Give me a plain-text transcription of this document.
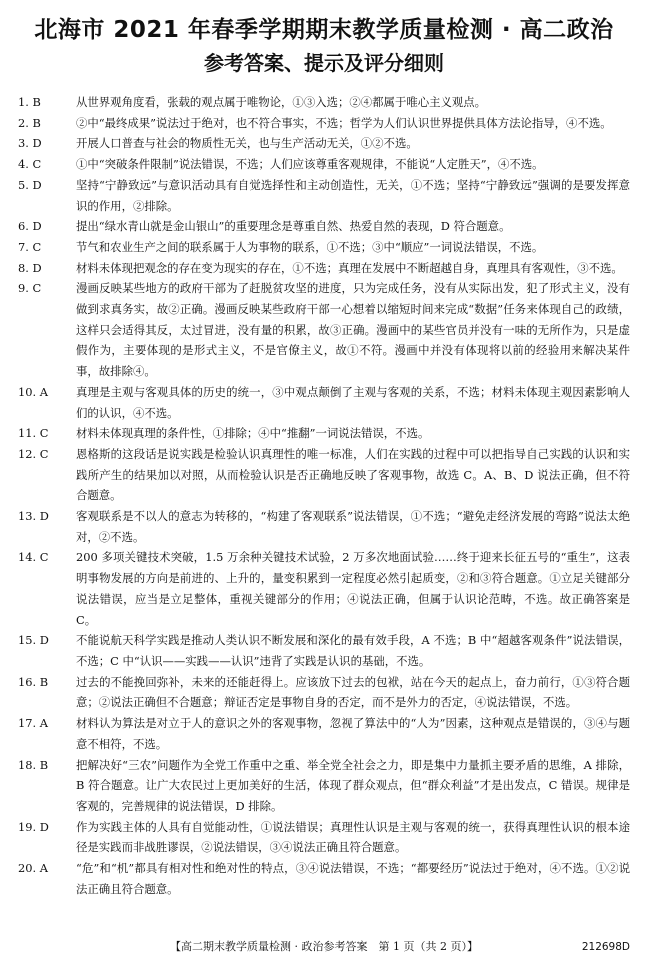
北海市 2021 年春季学期期末教学质量检测 · 高二政治
参考答案、提示及评分细则
1. B	从世界观角度看，张载的观点属于唯物论，①③入选；②④都属于唯心主义观点。
2. B	②中“最终成果”说法过于绝对，也不符合事实，不选；哲学为人们认识世界提供具体方法论指导，④不选。
3. D	开展人口普查与社会的物质性无关，也与生产活动无关，①②不选。
4. C	①中“突破条件限制”说法错误，不选；人们应该尊重客观规律，不能说“人定胜天”，④不选。
5. D	坚持“宁静致远”与意识活动具有自觉选择性和主动创造性，无关，①不选；坚持“宁静致远”强调的是要发挥意识的作用，②排除。
6. D	提出“绿水青山就是金山银山”的重要理念是尊重自然、热爱自然的表现，D 符合题意。
7. C	节气和农业生产之间的联系属于人为事物的联系，①不选；③中“顺应”一词说法错误，不选。
8. D	材料未体现把观念的存在变为现实的存在，①不选；真理在发展中不断超越自身，真理具有客观性，③不选。
9. C	漫画反映某些地方的政府干部为了赶脱贫攻坚的进度，只为完成任务，没有从实际出发，犯了形式主义，没有做到求真务实，故②正确。漫画反映某些政府干部一心想着以缩短时间来完成“数据”任务来体现自己的政绩，这样只会适得其反，太过冒进，没有量的积累，故③正确。漫画中的某些官员并没有一味的无所作为，只是虚假作为，主要体现的是形式主义，不是官僚主义，故①不符。漫画中并没有体现将以前的经验用来解决某件事，故排除④。
10. A	真理是主观与客观具体的历史的统一，③中观点颠倒了主观与客观的关系，不选；材料未体现主观因素影响人们的认识，④不选。
11. C	材料未体现真理的条件性，①排除；④中“推翻”一词说法错误，不选。
12. C	恩格斯的这段话是说实践是检验认识真理性的唯一标准，人们在实践的过程中可以把指导自己实践的认识和实践所产生的结果加以对照，从而检验认识是否正确地反映了客观事物，故选 C。A、B、D 说法正确，但不符合题意。
13. D	客观联系是不以人的意志为转移的，“构建了客观联系”说法错误，①不选；“避免走经济发展的弯路”说法太绝对，②不选。
14. C	200 多项关键技术突破，1.5 万余种关键技术试验，2 万多次地面试验……终于迎来长征五号的“重生”，这表明事物发展的方向是前进的、上升的，量变积累到一定程度必然引起质变，②和③符合题意。①立足关键部分说法错误，应当是立足整体，重视关键部分的作用；④说法正确，但属于认识论范畴，不选。故正确答案是 C。
15. D	不能说航天科学实践是推动人类认识不断发展和深化的最有效手段，A 不选；B 中“超越客观条件”说法错误，不选；C 中“认识——实践——认识”违背了实践是认识的基础，不选。
16. B	过去的不能挽回弥补，未来的还能赶得上。应该放下过去的包袱，站在今天的起点上，奋力前行，①③符合题意；②说法正确但不合题意；辩证否定是事物自身的否定，而不是外力的否定，④说法错误，不选。
17. A	材料认为算法是对立于人的意识之外的客观事物，忽视了算法中的“人为”因素，这种观点是错误的，③④与题意不相符，不选。
18. B	把解决好“三农”问题作为全党工作重中之重、举全党全社会之力，即是集中力量抓主要矛盾的思维，A 排除，B 符合题意。让广大农民过上更加美好的生活，体现了群众观点，但“群众利益”才是出发点，C 错误。规律是客观的，完善规律的说法错误，D 排除。
19. D	作为实践主体的人具有自觉能动性，①说法错误；真理性认识是主观与客观的统一，获得真理性认识的根本途径是实践而非战胜谬误，②说法错误，③④说法正确且符合题意。
20. A	“危”和“机”都具有相对性和绝对性的特点，③④说法错误，不选；“都要经历”说法过于绝对，④不选。①②说法正确且符合题意。
【高二期末教学质量检测 · 政治参考答案　第 1 页（共 2 页）】	212698D
